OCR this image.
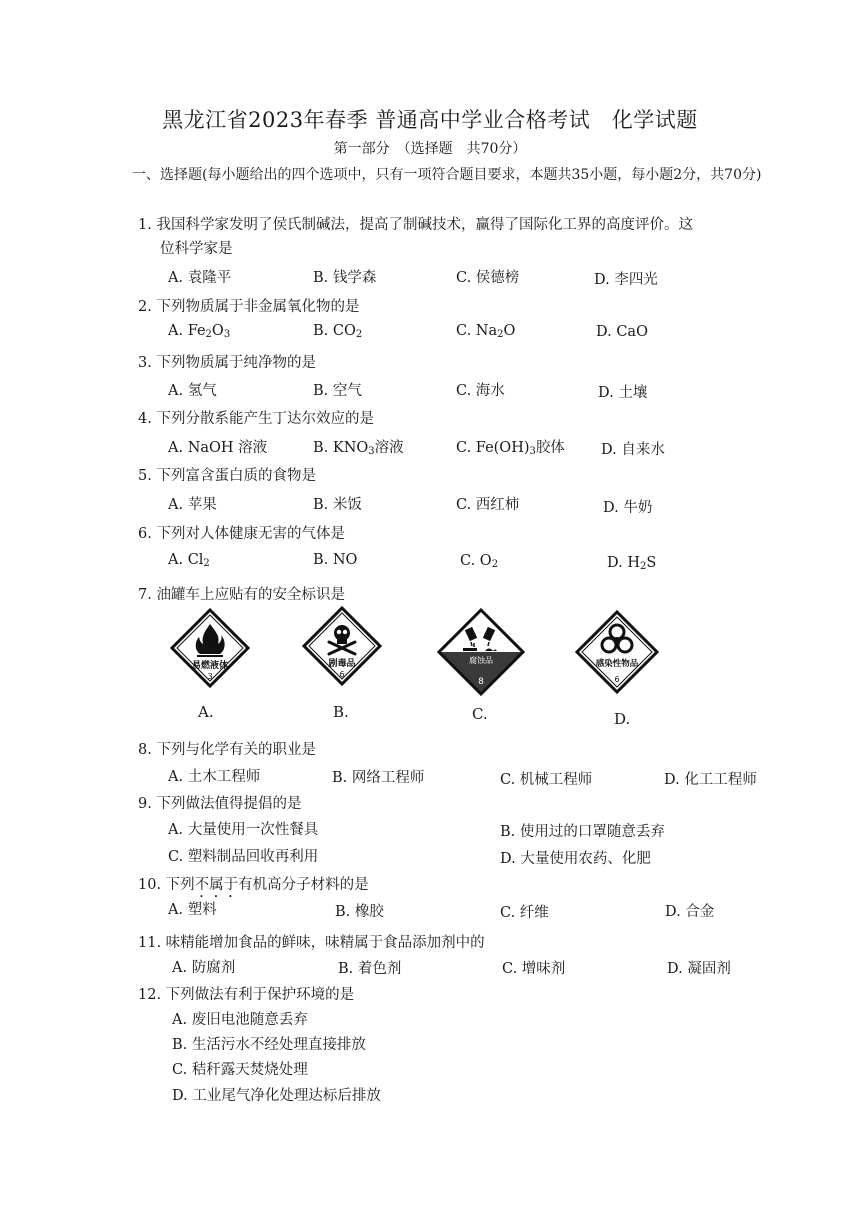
黑龙江省2023年春季 普通高中学业合格考试　化学试题
第一部分　（选择题　共70分）
一、选择题(每小题给出的四个选项中，只有一项符合题目要求，本题共35小题，每小题2分，共70分)
1. 我国科学家发明了侯氏制碱法，提高了制碱技术，赢得了国际化工界的高度评价。这
位科学家是
A. 袁隆平	B. 钱学森	C. 侯德榜	D. 李四光
2. 下列物质属于非金属氧化物的是
A. $Fe_2O_3$	B. $CO_2$	C. $Na_2O$	D. CaO
3. 下列物质属于纯净物的是
A. 氢气	B. 空气	C. 海水	D. 土壤
4. 下列分散系能产生丁达尔效应的是
A. NaOH 溶液	B. $KNO_3$溶液	C. $Fe(OH)_3$胶体 D. 自来水
5. 下列富含蛋白质的食物是
A. 苹果	B. 米饭	C. 西红柿	D. 牛奶
6. 下列对人体健康无害的气体是
A. $Cl_2$	B. NO	C. $O_2$	D. $H_2S$
7. 油罐车上应贴有的安全标识是
易燃液体
3
A.
剧毒品
6
B.
腐蚀品
8
C.
感染性物品
6
D.
8. 下列与化学有关的职业是
A. 土木工程师	B. 网络工程师	C. 机械工程师	D. 化工工程师
9. 下列做法值得提倡的是
A. 大量使用一次性餐具	B. 使用过的口罩随意丢弃
C. 塑料制品回收再利用	D. 大量使用农药、化肥
10. 下列不属于有机高分子材料的是
A. 塑料	B. 橡胶	C. 纤维	D. 合金
11. 味精能增加食品的鲜味，味精属于食品添加剂中的
A. 防腐剂	B. 着色剂	C. 增味剂	D. 凝固剂
12. 下列做法有利于保护环境的是
A. 废旧电池随意丢弃
B. 生活污水不经处理直接排放
C. 秸秆露天焚烧处理
D. 工业尾气净化处理达标后排放
